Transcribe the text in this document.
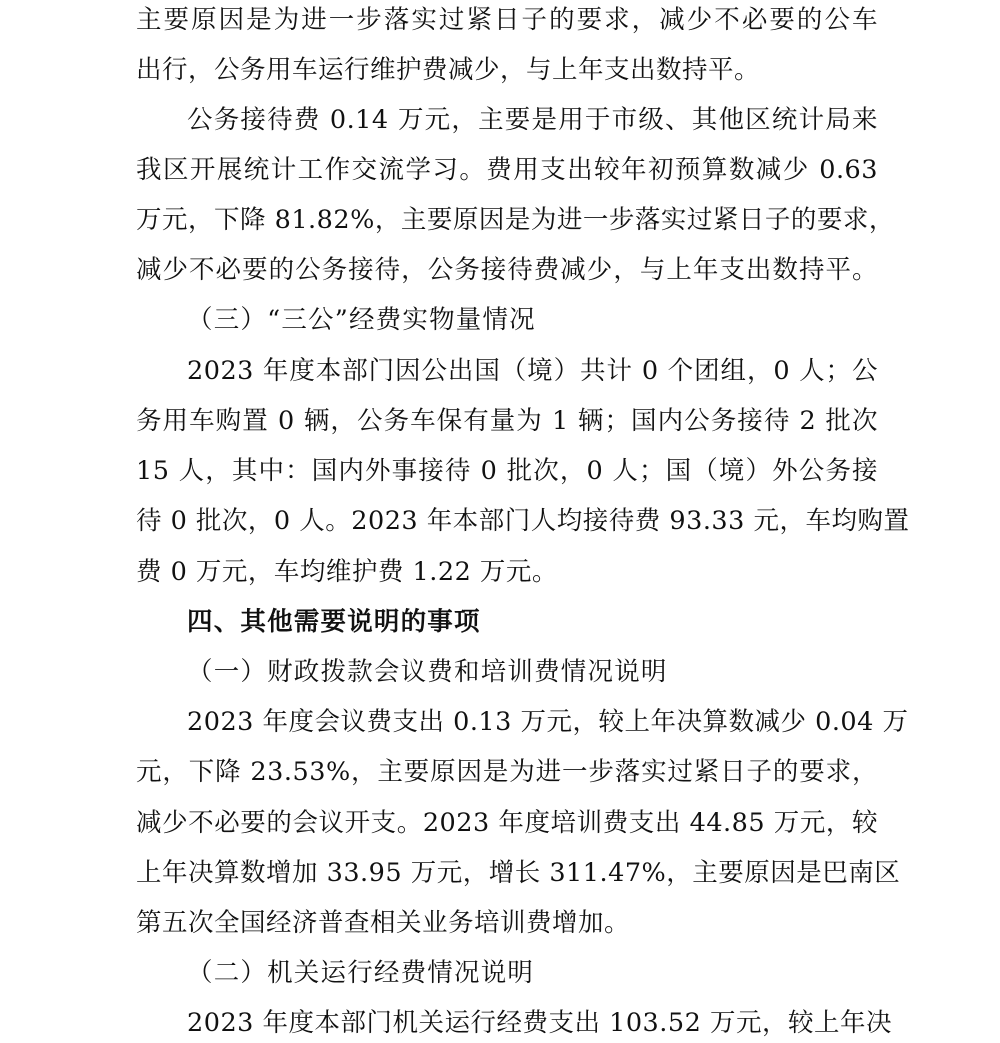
主要原因是为进一步落实过紧日子的要求，减少不必要的公车
出行，公务用车运行维护费减少，与上年支出数持平。
公务接待费 0.14 万元，主要是用于市级、其他区统计局来
我区开展统计工作交流学习。费用支出较年初预算数减少 0.63
万元，下降 81.82%，主要原因是为进一步落实过紧日子的要求，
减少不必要的公务接待，公务接待费减少，与上年支出数持平。
（三）“三公”经费实物量情况
2023 年度本部门因公出国（境）共计 0 个团组，0 人；公
务用车购置 0 辆，公务车保有量为 1 辆；国内公务接待 2 批次
15 人，其中：国内外事接待 0 批次，0 人；国（境）外公务接
待 0 批次，0 人。2023 年本部门人均接待费 93.33 元，车均购置
费 0 万元，车均维护费 1.22 万元。
四、其他需要说明的事项
（一）财政拨款会议费和培训费情况说明
2023 年度会议费支出 0.13 万元，较上年决算数减少 0.04 万
元，下降 23.53%，主要原因是为进一步落实过紧日子的要求，
减少不必要的会议开支。2023 年度培训费支出 44.85 万元，较
上年决算数增加 33.95 万元，增长 311.47%，主要原因是巴南区
第五次全国经济普查相关业务培训费增加。
（二）机关运行经费情况说明
2023 年度本部门机关运行经费支出 103.52 万元，较上年决
